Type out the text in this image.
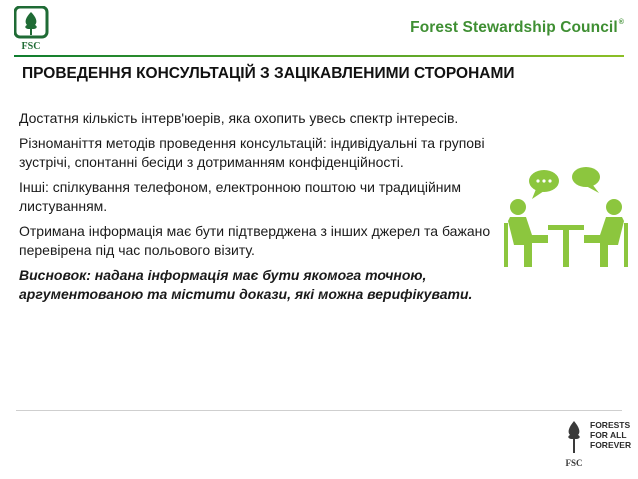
FSC
Forest Stewardship Council®
ПРОВЕДЕННЯ КОНСУЛЬТАЦІЙ З ЗАЦІКАВЛЕНИМИ СТОРОНАМИ

Достатня кількість інтерв'юерів, яка охопить увесь спектр інтересів.

Різноманіття методів проведення консультацій: індивідуальні та групові зустрічі, спонтанні бесіди з дотриманням конфіденційності.

Інші: спілкування телефоном, електронною поштою чи традиційним листуванням.

Отримана інформація має бути підтверджена з інших джерел та бажано перевірена під час польового візиту.

Висновок: надана інформація має бути якомога точною, аргументованою та містити докази, які можна верифікувати.

FSC
FORESTS
FOR ALL
FOREVER
